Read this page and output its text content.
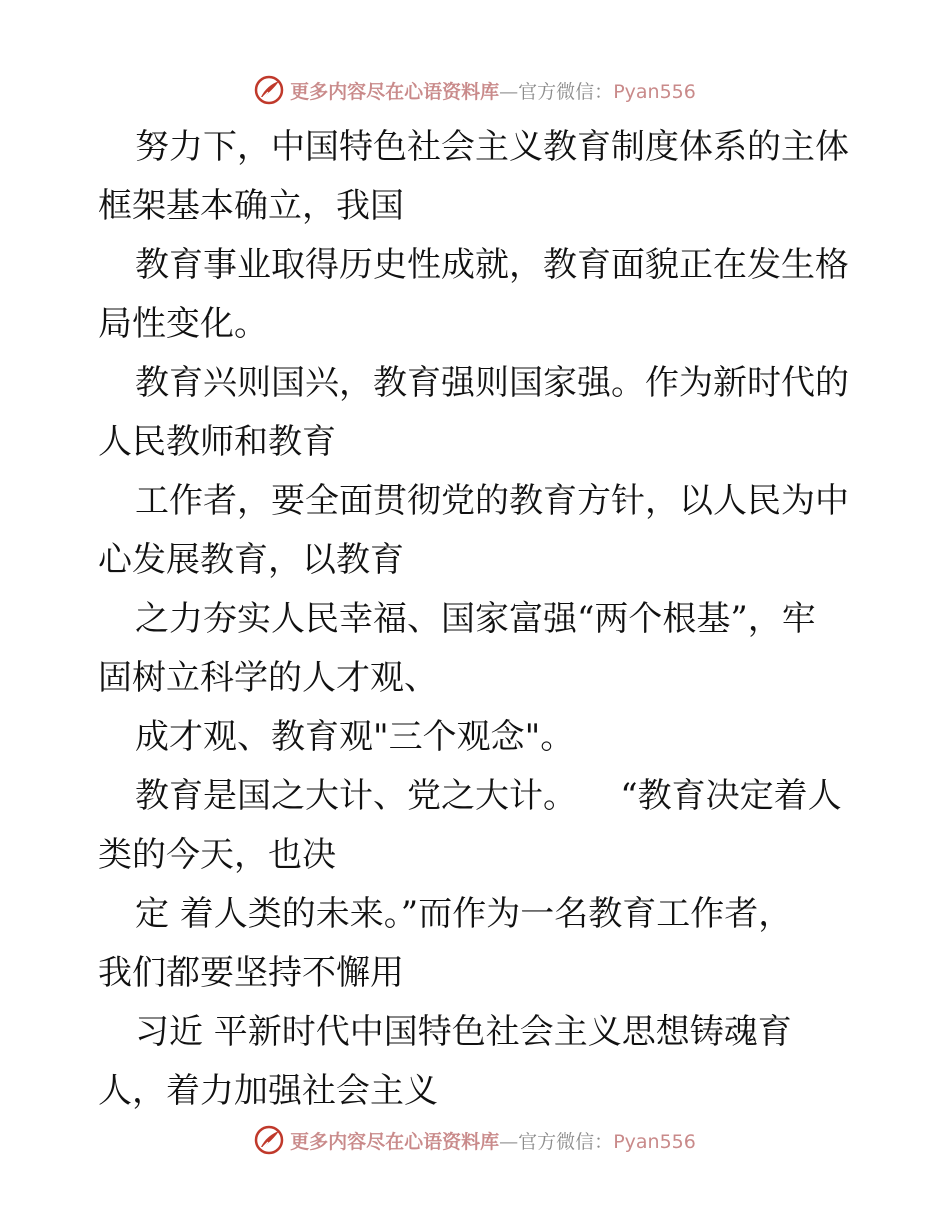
更多内容尽在心语资料库—官方微信：Pyan556
努力下，中国特色社会主义教育制度体系的主体
框架基本确立，我国
教育事业取得历史性成就，教育面貌正在发生格
局性变化。
教育兴则国兴，教育强则国家强。作为新时代的
人民教师和教育
工作者，要全面贯彻党的教育方针，以人民为中
心发展教育，以教育
之力夯实人民幸福、国家富强“两个根基”，牢
固树立科学的人才观、
成才观、教育观"三个观念"。
教育是国之大计、党之大计。    “教育决定着人
类的今天，也决
定 着人类的未来。”而作为一名教育工作者，
我们都要坚持不懈用
习近 平新时代中国特色社会主义思想铸魂育
人，着力加强社会主义
更多内容尽在心语资料库—官方微信：Pyan556
